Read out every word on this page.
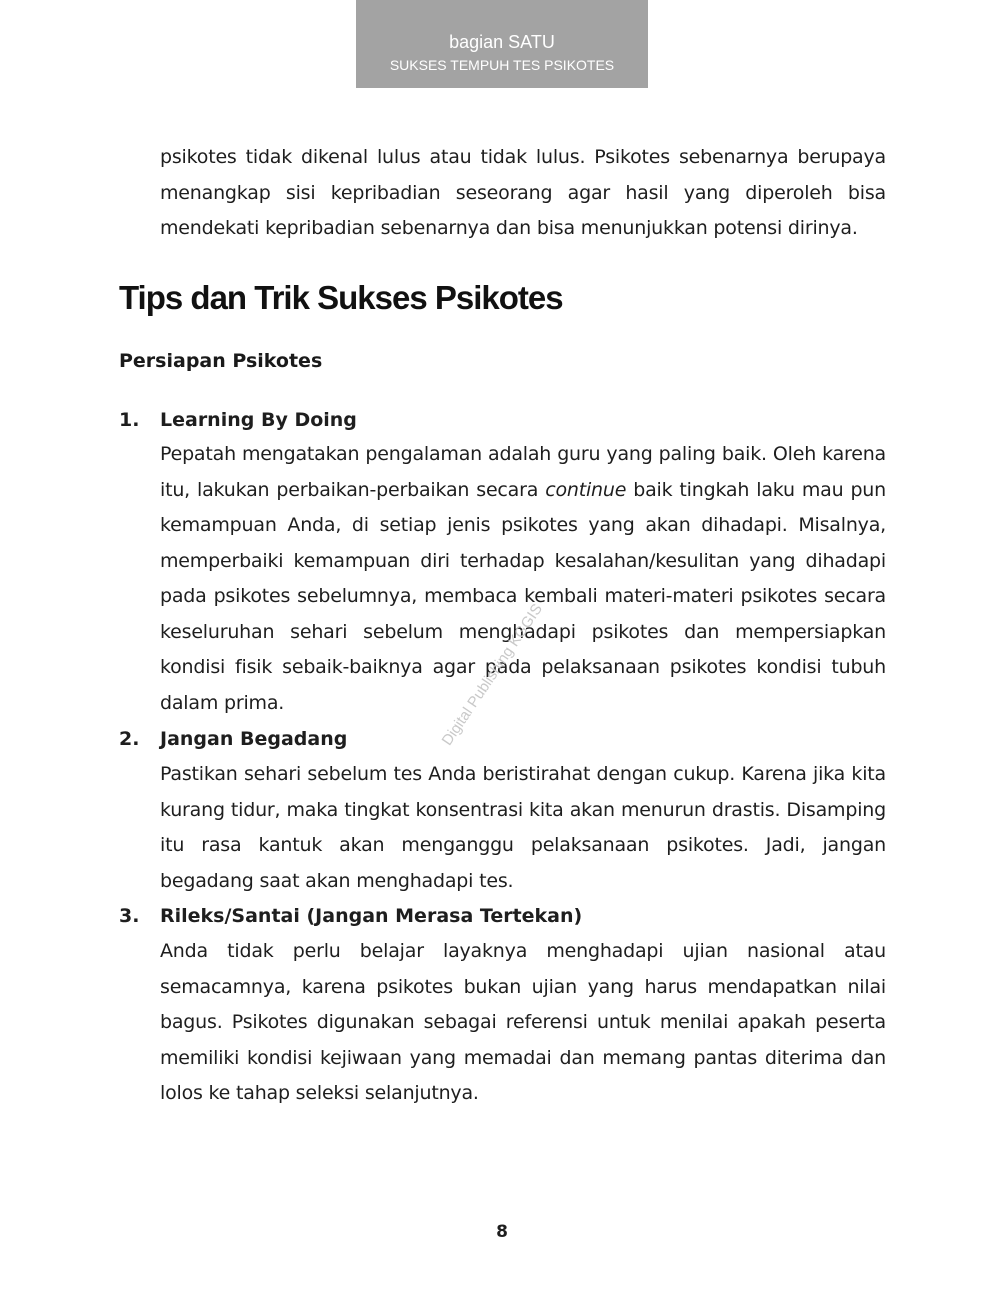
bagian SATU
SUKSES TEMPUH TES PSIKOTES

psikotes tidak dikenal lulus atau tidak lulus. Psikotes sebenarnya berupaya menangkap sisi kepribadian seseorang agar hasil yang diperoleh bisa mendekati kepribadian sebenarnya dan bisa menunjukkan potensi dirinya.

Tips dan Trik Sukses Psikotes
Persiapan Psikotes
1. Learning By Doing

Pepatah mengatakan pengalaman adalah guru yang paling baik. Oleh karena itu, lakukan perbaikan-perbaikan secara continue baik tingkah laku mau pun kemampuan Anda, di setiap jenis psikotes yang akan dihadapi. Misalnya, memperbaiki kemampuan diri terhadap kesalahan/kesulitan yang dihadapi pada psikotes sebelumnya, membaca kembali materi-materi psikotes secara keseluruhan sehari sebelum menghadapi psikotes dan mempersiapkan kondisi fisik sebaik-baiknya agar pada pelaksanaan psikotes kondisi tubuh dalam prima.

2. Jangan Begadang

Pastikan sehari sebelum tes Anda beristirahat dengan cukup. Karena jika kita kurang tidur, maka tingkat konsentrasi kita akan menurun drastis. Disamping itu rasa kantuk akan menganggu pelaksanaan psikotes. Jadi, jangan begadang saat akan menghadapi tes.

3. Rileks/Santai (Jangan Merasa Tertekan)

Anda tidak perlu belajar layaknya menghadapi ujian nasional atau semacamnya, karena psikotes bukan ujian yang harus mendapatkan nilai bagus. Psikotes digunakan sebagai referensi untuk menilai apakah peserta memiliki kondisi kejiwaan yang memadai dan memang pantas diterima dan lolos ke tahap seleksi selanjutnya.

Digital Publishing KGGIS
8
